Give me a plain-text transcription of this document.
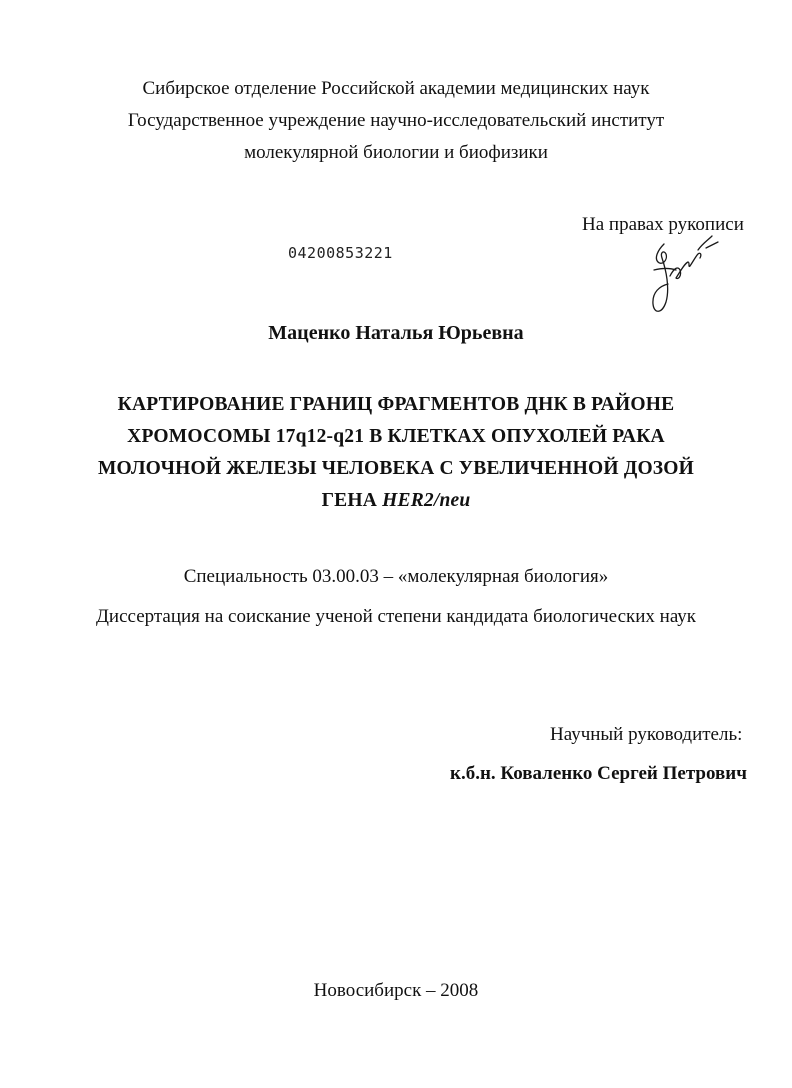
Сибирское отделение Российской академии медицинских наук
Государственное учреждение научно-исследовательский институт
молекулярной биологии и биофизики
На правах рукописи
04200853221
Маценко Наталья Юрьевна
КАРТИРОВАНИЕ ГРАНИЦ ФРАГМЕНТОВ ДНК В РАЙОНЕ
ХРОМОСОМЫ 17q12-q21 В КЛЕТКАХ ОПУХОЛЕЙ РАКА
МОЛОЧНОЙ ЖЕЛЕЗЫ ЧЕЛОВЕКА С УВЕЛИЧЕННОЙ ДОЗОЙ
ГЕНА HER2/neu
Специальность 03.00.03 – «молекулярная биология»
Диссертация на соискание ученой степени кандидата биологических наук
Научный руководитель:
к.б.н. Коваленко Сергей Петрович
Новосибирск – 2008
